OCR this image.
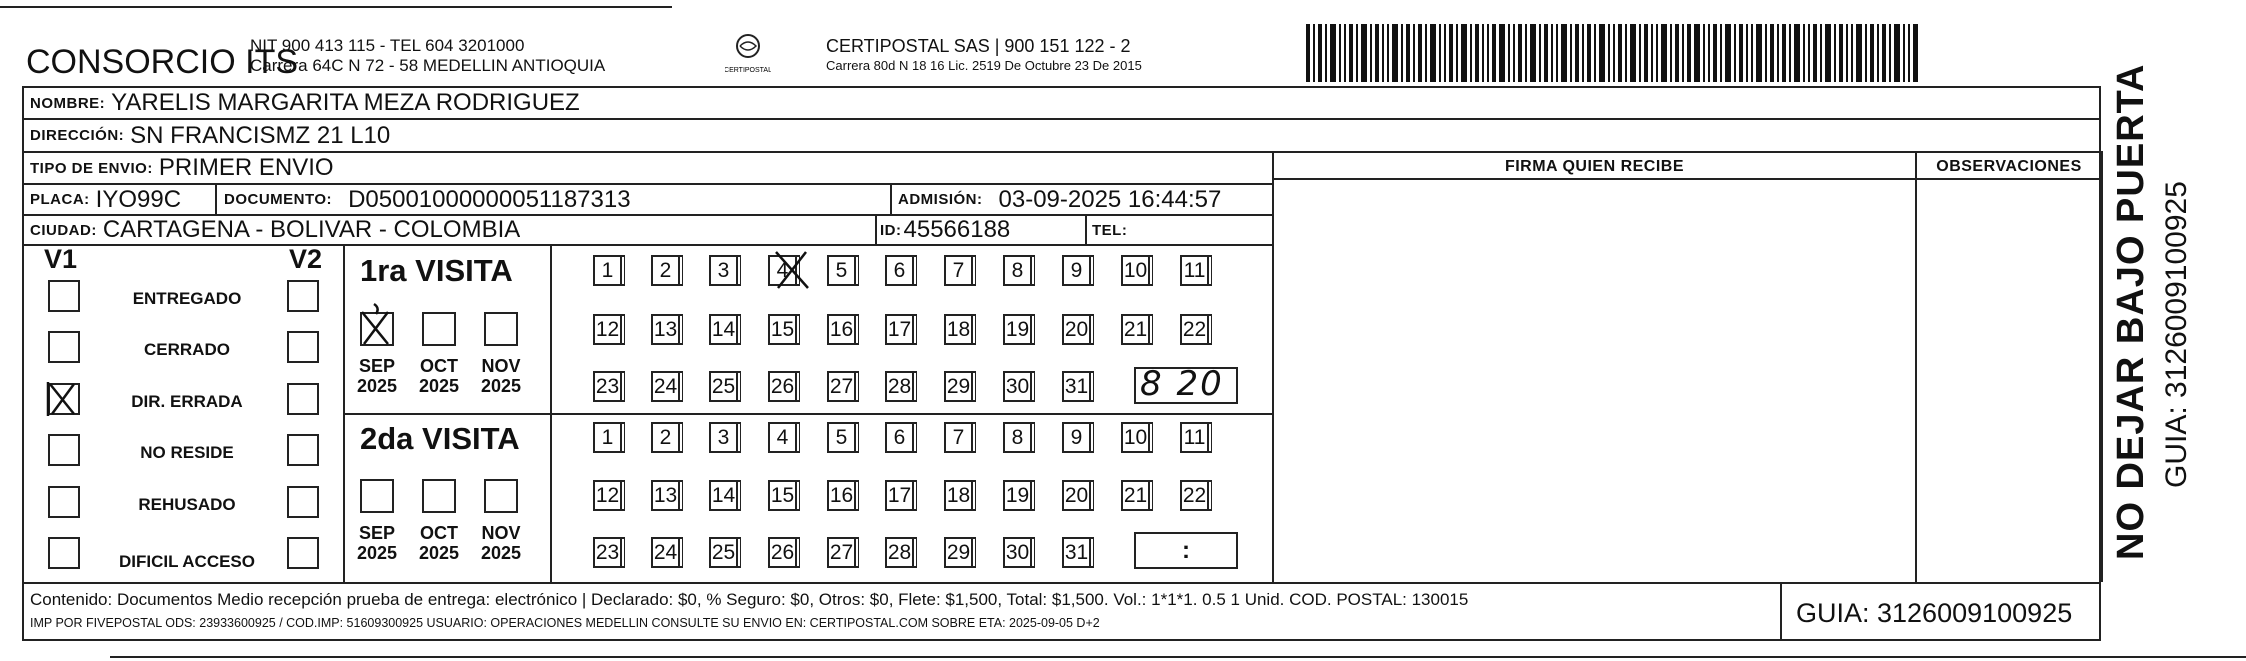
CONSORCIO ITS
NIT 900 413 115 - TEL 604 3201000
Carrera 64C N 72 - 58 MEDELLIN ANTIOQUIA	CERTIPOSTAL
CERTIPOSTAL SAS | 900 151 122 - 2
Carrera 80d N 18 16 Lic. 2519 De Octubre 23 De 2015
NOMBRE: YARELIS MARGARITA MEZA RODRIGUEZ
DIRECCIÓN: SN FRANCISMZ 21 L10
TIPO DE ENVIO: PRIMER ENVIO
PLACA: IYO99C	DOCUMENTO: D05001000000051187313	ADMISIÓN: 03-09-2025 16:44:57
CIUDAD: CARTAGENA - BOLIVAR - COLOMBIA	ID: 45566188	TEL:
FIRMA QUIEN RECIBE	OBSERVACIONES NO DEJAR BAJO PUERTA GUIA: 3126009100925
V1	V2
ENTREGADO
CERRADO
DIR. ERRADA
NO RESIDE
REHUSADO
DIFICIL ACCESO
1ra VISITA
SEP
2025
OCT
2025
NOV
2025
1	2	3	4	5	6	7	8	9	10 11
12 13 14 15 16 17 18 19 20 21 22
23 24 25 26 27 28 29 30 31 8 20
2da VISITA
SEP
2025
OCT
2025
NOV
2025
1	2	3	4	5	6	7	8	9	10 11
12 13 14 15 16 17 18 19 20 21 22
23 24 25 26 27 28 29 30 31	:
Contenido: Documentos Medio recepción prueba de entrega: electrónico | Declarado: $0, % Seguro: $0, Otros: $0, Flete: $1,500, Total: $1,500. Vol.: 1*1*1. 0.5 1 Unid. COD. POSTAL: 130015
IMP POR FIVEPOSTAL ODS: 23933600925 / COD.IMP: 51609300925 USUARIO: OPERACIONES MEDELLIN CONSULTE SU ENVIO EN: CERTIPOSTAL.COM SOBRE ETA: 2025-09-05 D+2	GUIA: 3126009100925
